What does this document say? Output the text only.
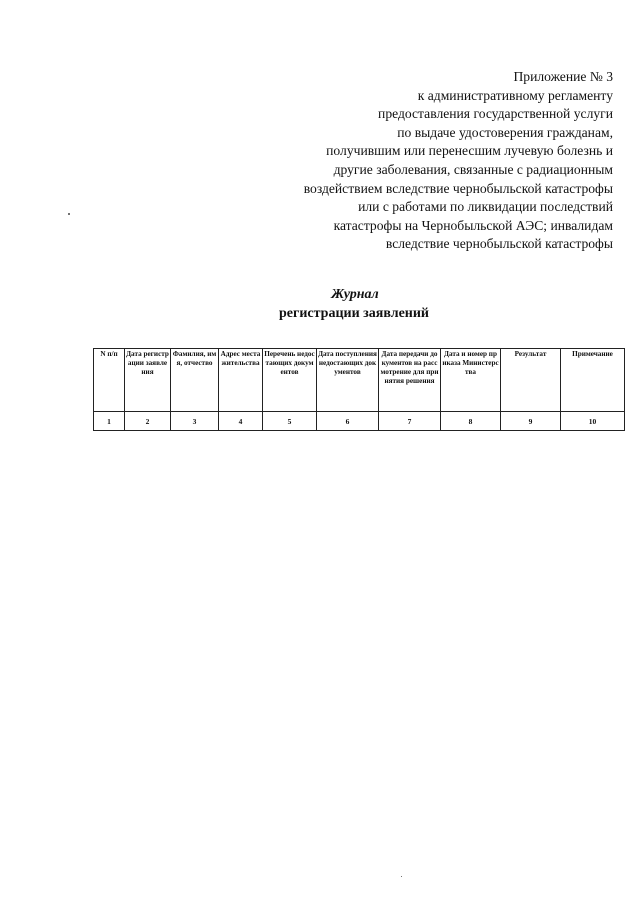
Приложение № 3
к административному регламенту
предоставления государственной услуги
по выдаче удостоверения гражданам,
получившим или перенесшим лучевую болезнь и
другие заболевания, связанные с радиационным
воздействием вследствие чернобыльской катастрофы
или с работами по ликвидации последствий
катастрофы на Чернобыльской АЭС; инвалидам
вследствие чернобыльской катастрофы
Журнал
регистрации заявлений
N п/п	Дата регистрации заявления	Фамилия, имя, отчество	Адрес места жительства	Перечень недостающих документов	Дата поступления недостающих документов	Дата передачи документов на рассмотрение для принятия решения	Дата и номер приказа Министерства	Результат	Примечание
1	2	3	4	5	6	7	8	9	10
